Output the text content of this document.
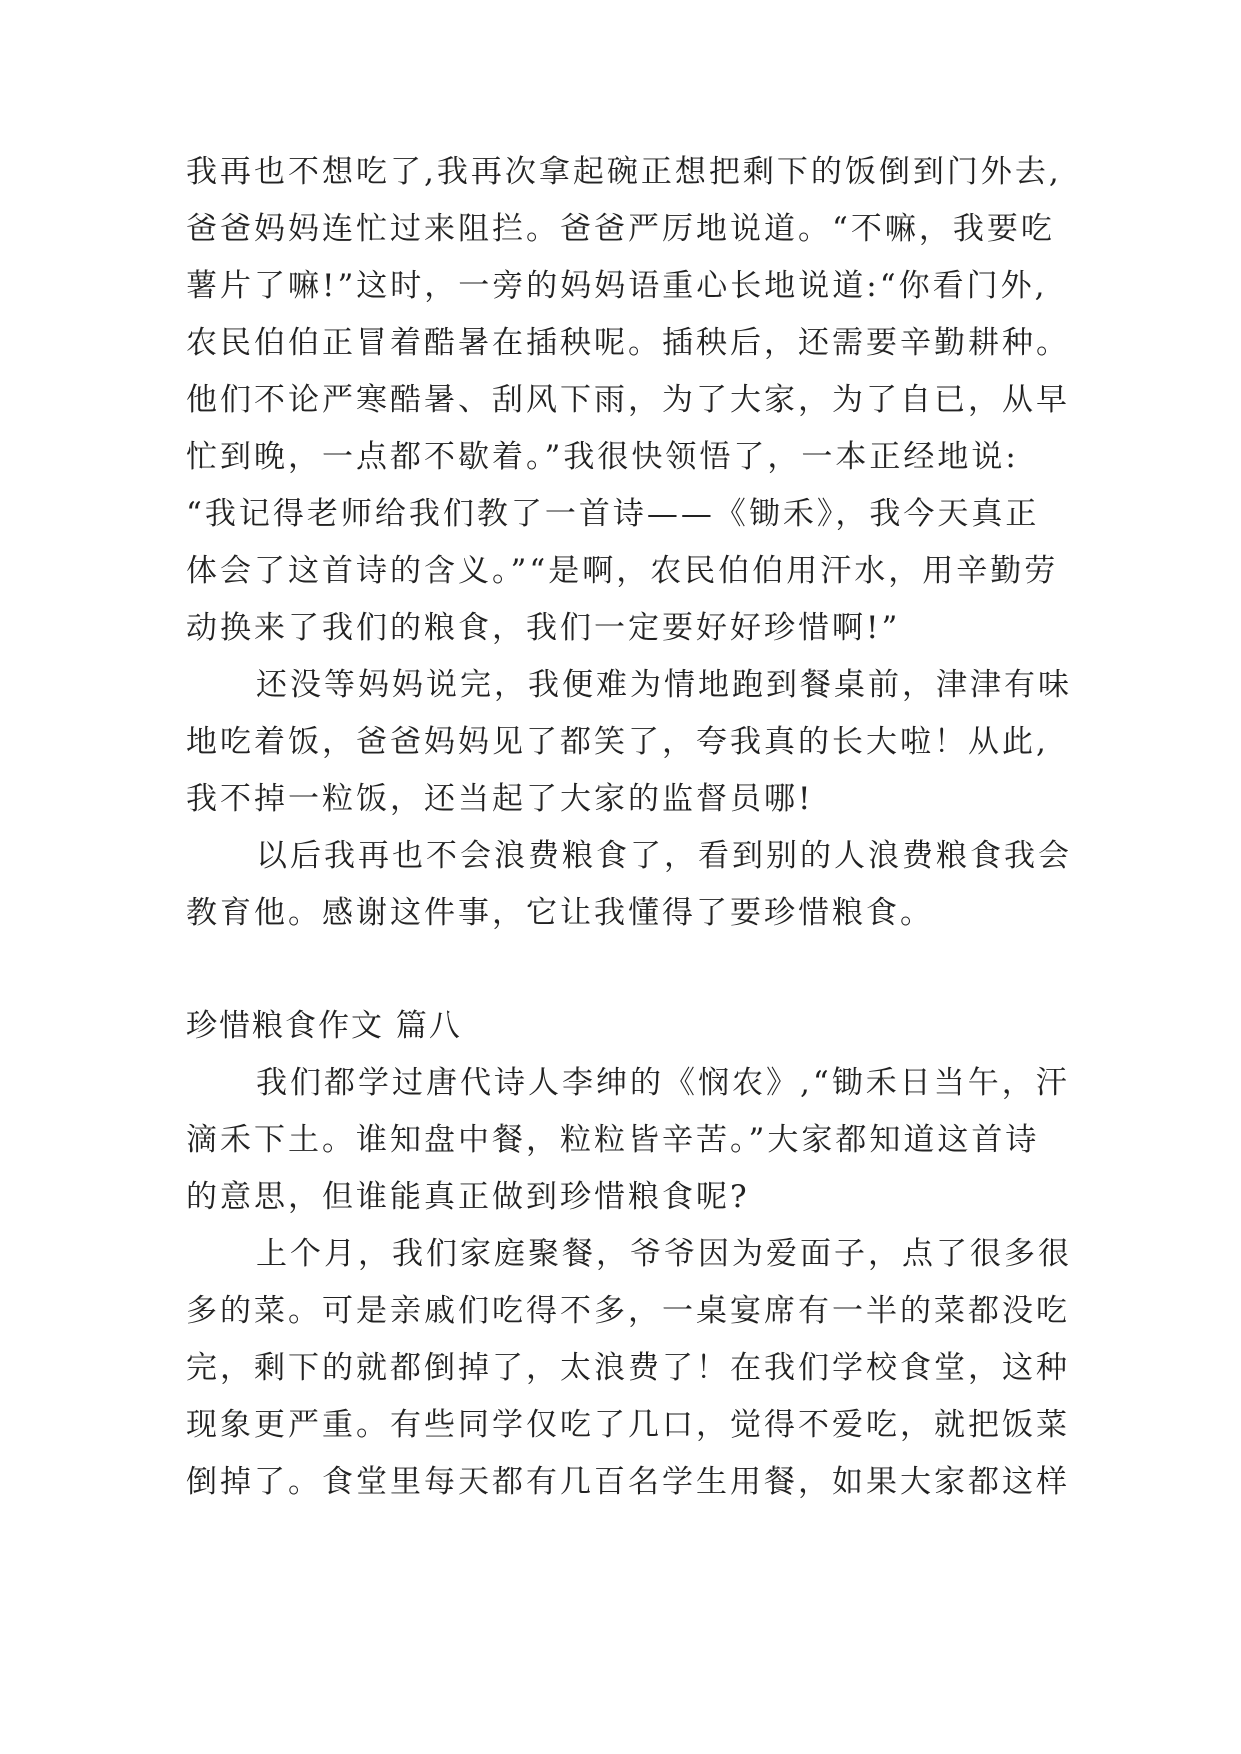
我再也不想吃了,我再次拿起碗正想把剩下的饭倒到门外去,
爸爸妈妈连忙过来阻拦。爸爸严厉地说道。“不嘛，我要吃
薯片了嘛!”这时，一旁的妈妈语重心长地说道:“你看门外,
农民伯伯正冒着酷暑在插秧呢。插秧后，还需要辛勤耕种。
他们不论严寒酷暑、刮风下雨，为了大家，为了自已，从早
忙到晚，一点都不歇着。”我很快领悟了，一本正经地说:
“我记得老师给我们教了一首诗——《锄禾》，我今天真正
体会了这首诗的含义。”“是啊，农民伯伯用汗水，用辛勤劳
动换来了我们的粮食，我们一定要好好珍惜啊!”
还没等妈妈说完，我便难为情地跑到餐桌前，津津有味
地吃着饭，爸爸妈妈见了都笑了，夸我真的长大啦！从此,
我不掉一粒饭，还当起了大家的监督员哪!
以后我再也不会浪费粮食了，看到别的人浪费粮食我会
教育他。感谢这件事，它让我懂得了要珍惜粮食。
珍惜粮食作文 篇八
我们都学过唐代诗人李绅的《悯农》,“锄禾日当午，汗
滴禾下土。谁知盘中餐，粒粒皆辛苦。”大家都知道这首诗
的意思，但谁能真正做到珍惜粮食呢?
上个月，我们家庭聚餐，爷爷因为爱面子，点了很多很
多的菜。可是亲戚们吃得不多，一桌宴席有一半的菜都没吃
完，剩下的就都倒掉了，太浪费了！在我们学校食堂，这种
现象更严重。有些同学仅吃了几口，觉得不爱吃，就把饭菜
倒掉了。食堂里每天都有几百名学生用餐，如果大家都这样
